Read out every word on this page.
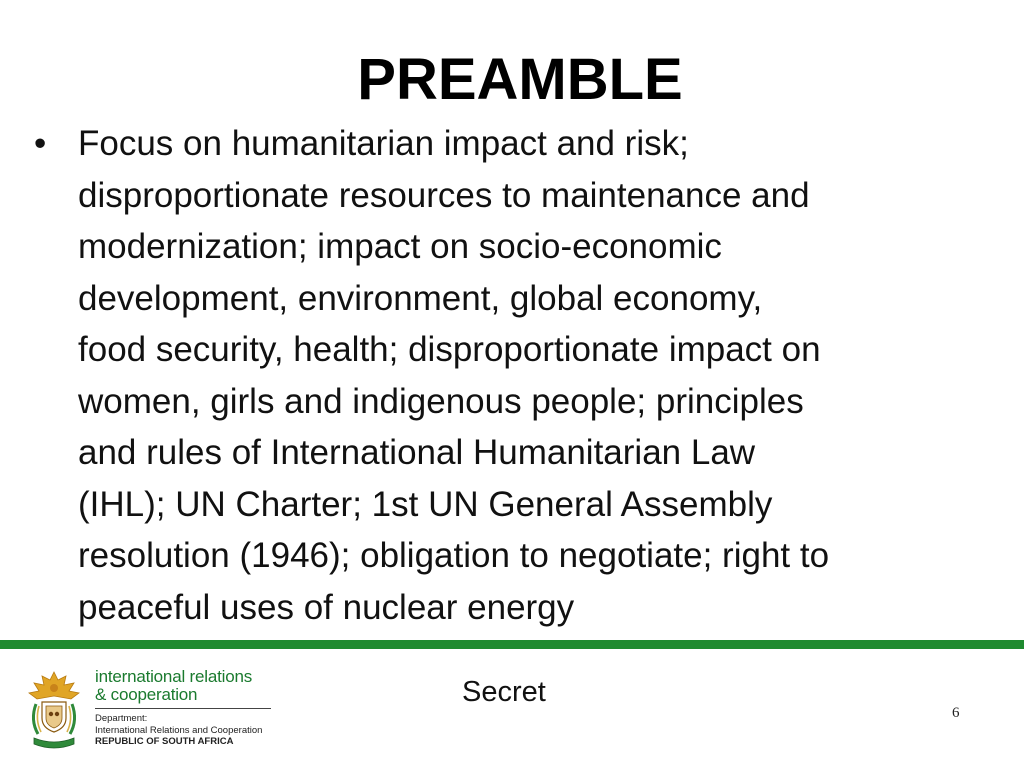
PREAMBLE
• Focus on humanitarian impact and risk;
disproportionate resources to maintenance and
modernization; impact on socio-economic
development, environment, global economy,
food security, health; disproportionate impact on
women, girls and indigenous people; principles
and rules of International Humanitarian Law
(IHL); UN Charter; 1st UN General Assembly
resolution (1946); obligation to negotiate; right to
peaceful uses of nuclear energy
international relations
& cooperation
Department:
International Relations and Cooperation
REPUBLIC OF SOUTH AFRICA
Secret
6
